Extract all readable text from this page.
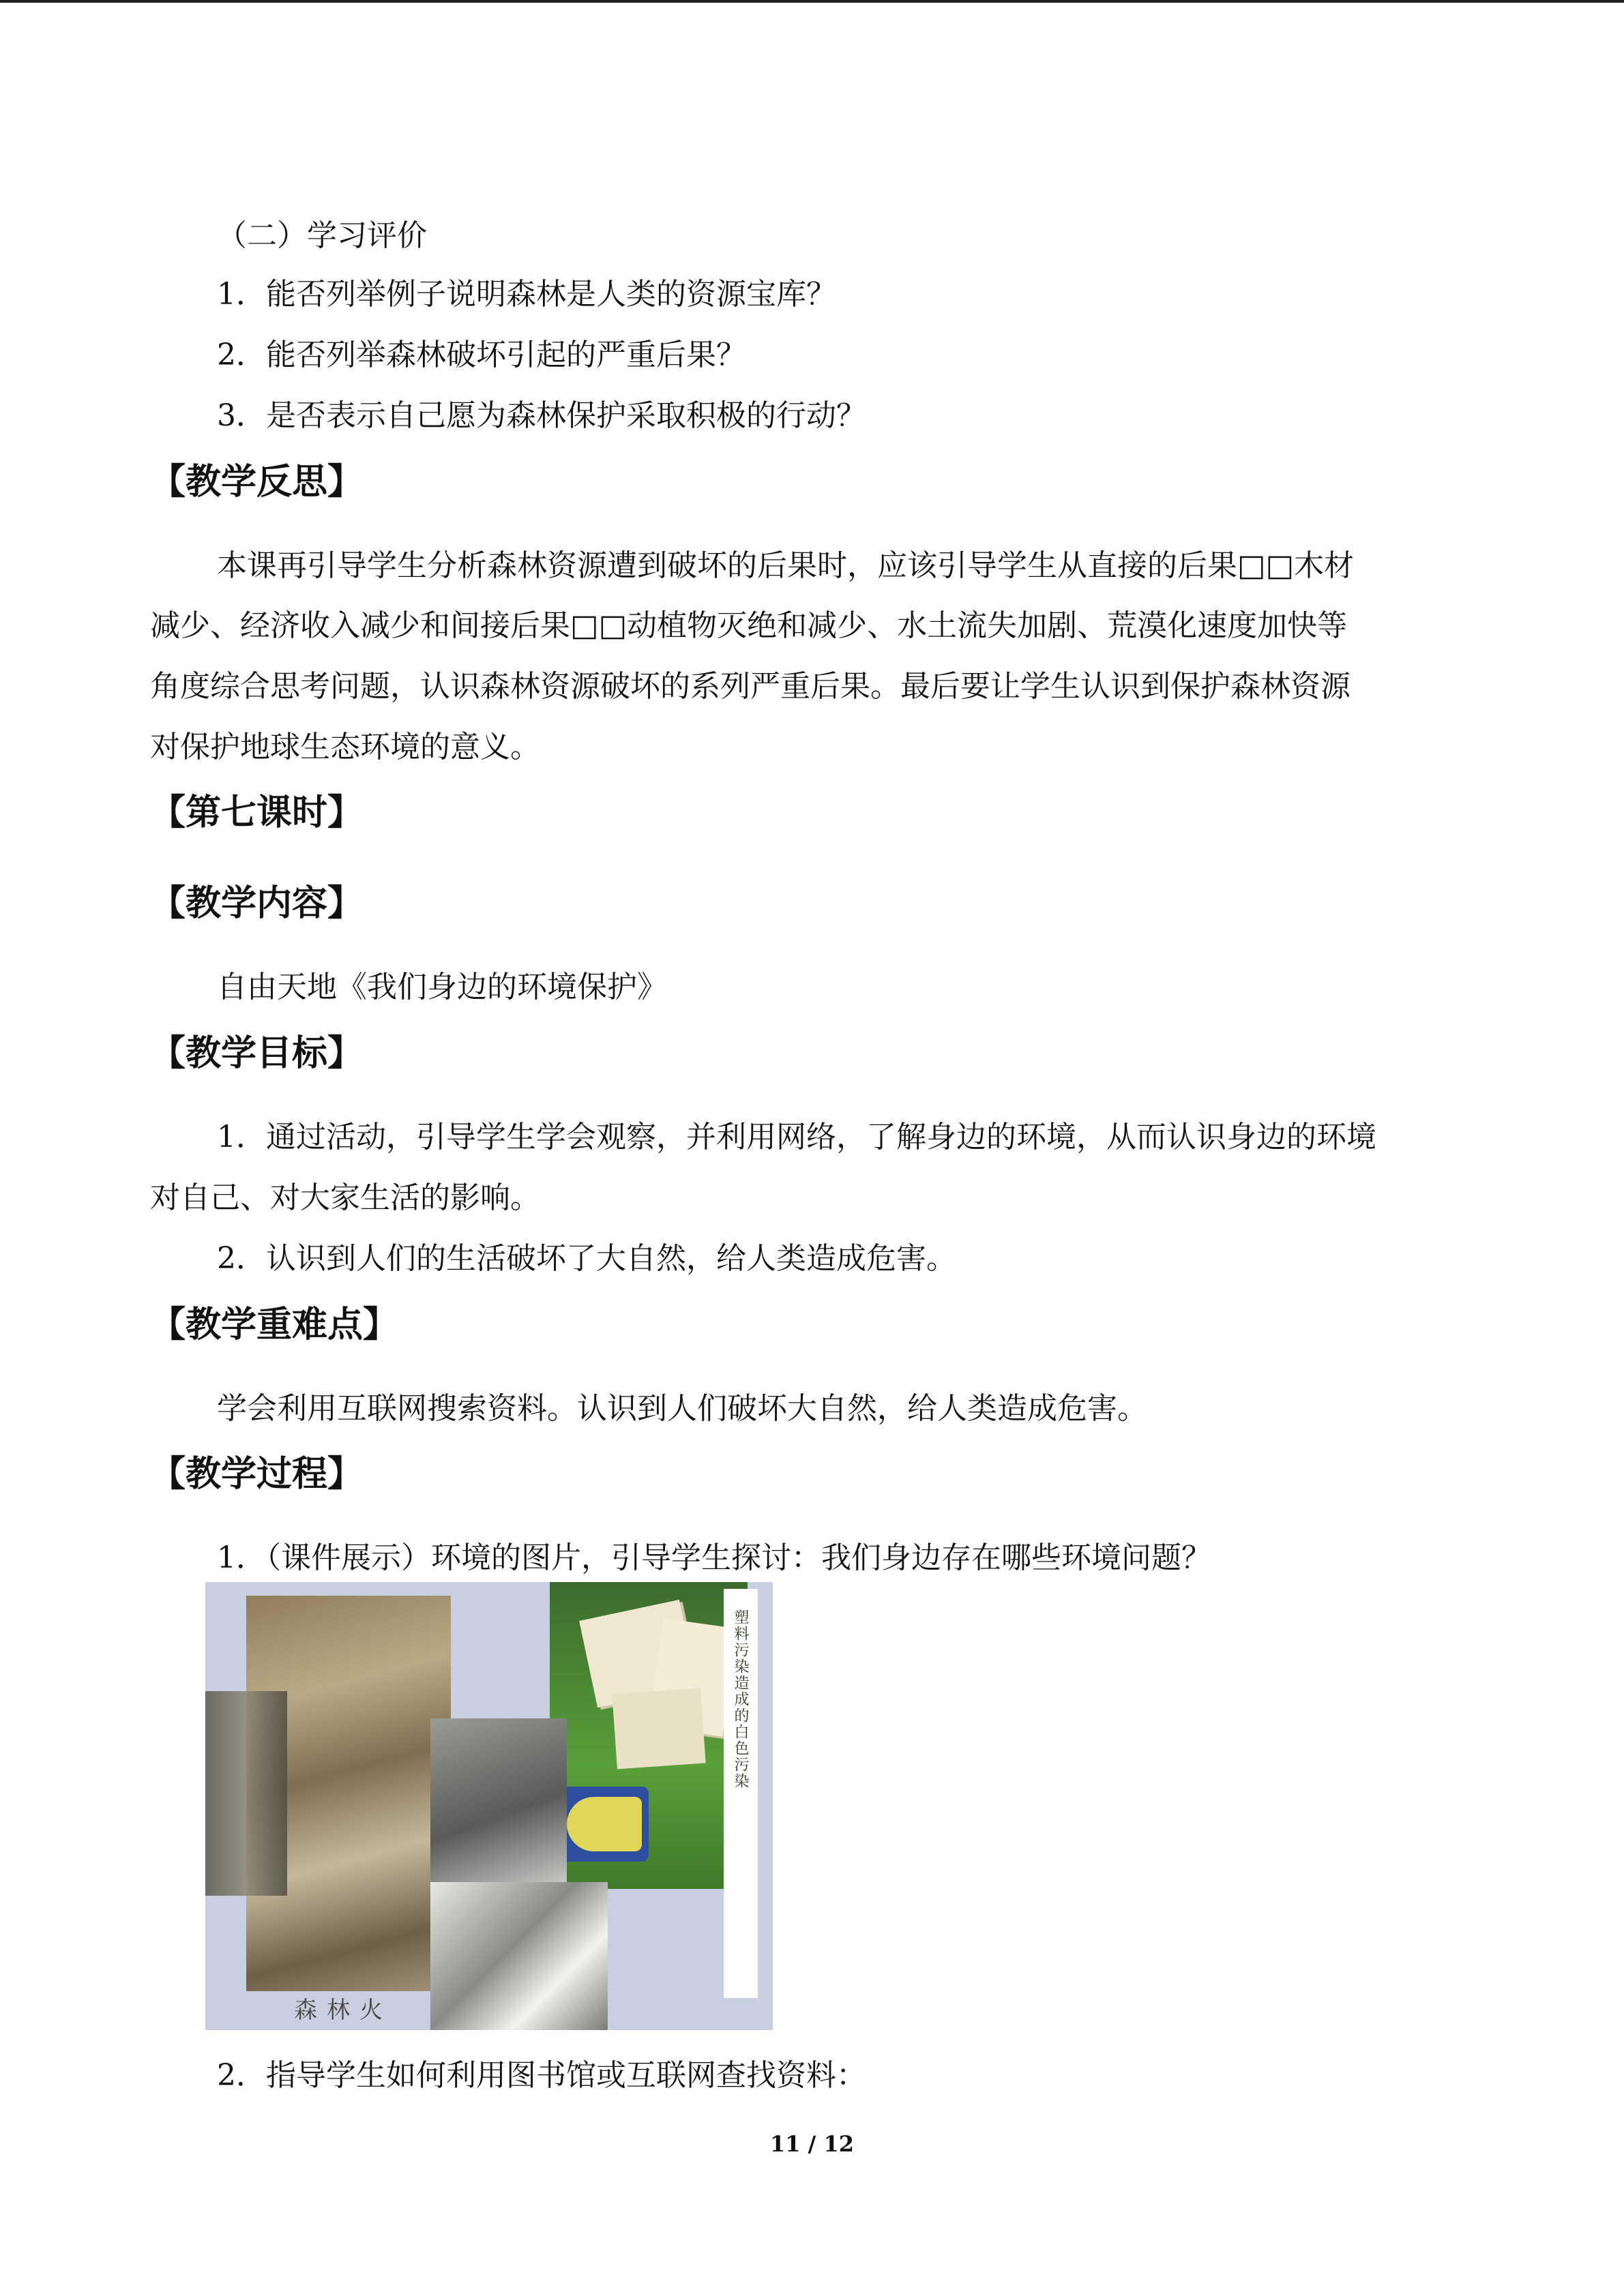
（二）学习评价
1．能否列举例子说明森林是人类的资源宝库？
2．能否列举森林破坏引起的严重后果？
3．是否表示自己愿为森林保护采取积极的行动？
【教学反思】
本课再引导学生分析森林资源遭到破坏的后果时，应该引导学生从直接的后果□□木材
减少、经济收入减少和间接后果□□动植物灭绝和减少、水土流失加剧、荒漠化速度加快等
角度综合思考问题，认识森林资源破坏的系列严重后果。最后要让学生认识到保护森林资源
对保护地球生态环境的意义。
【第七课时】
【教学内容】
自由天地《我们身边的环境保护》
【教学目标】
1．通过活动，引导学生学会观察，并利用网络，了解身边的环境，从而认识身边的环境
对自己、对大家生活的影响。
2．认识到人们的生活破坏了大自然，给人类造成危害。
【教学重难点】
学会利用互联网搜索资料。认识到人们破坏大自然，给人类造成危害。
【教学过程】
1．（课件展示）环境的图片，引导学生探讨：我们身边存在哪些环境问题？
塑料污染造成的白色污染
森林火
2．指导学生如何利用图书馆或互联网查找资料：
11 / 12
